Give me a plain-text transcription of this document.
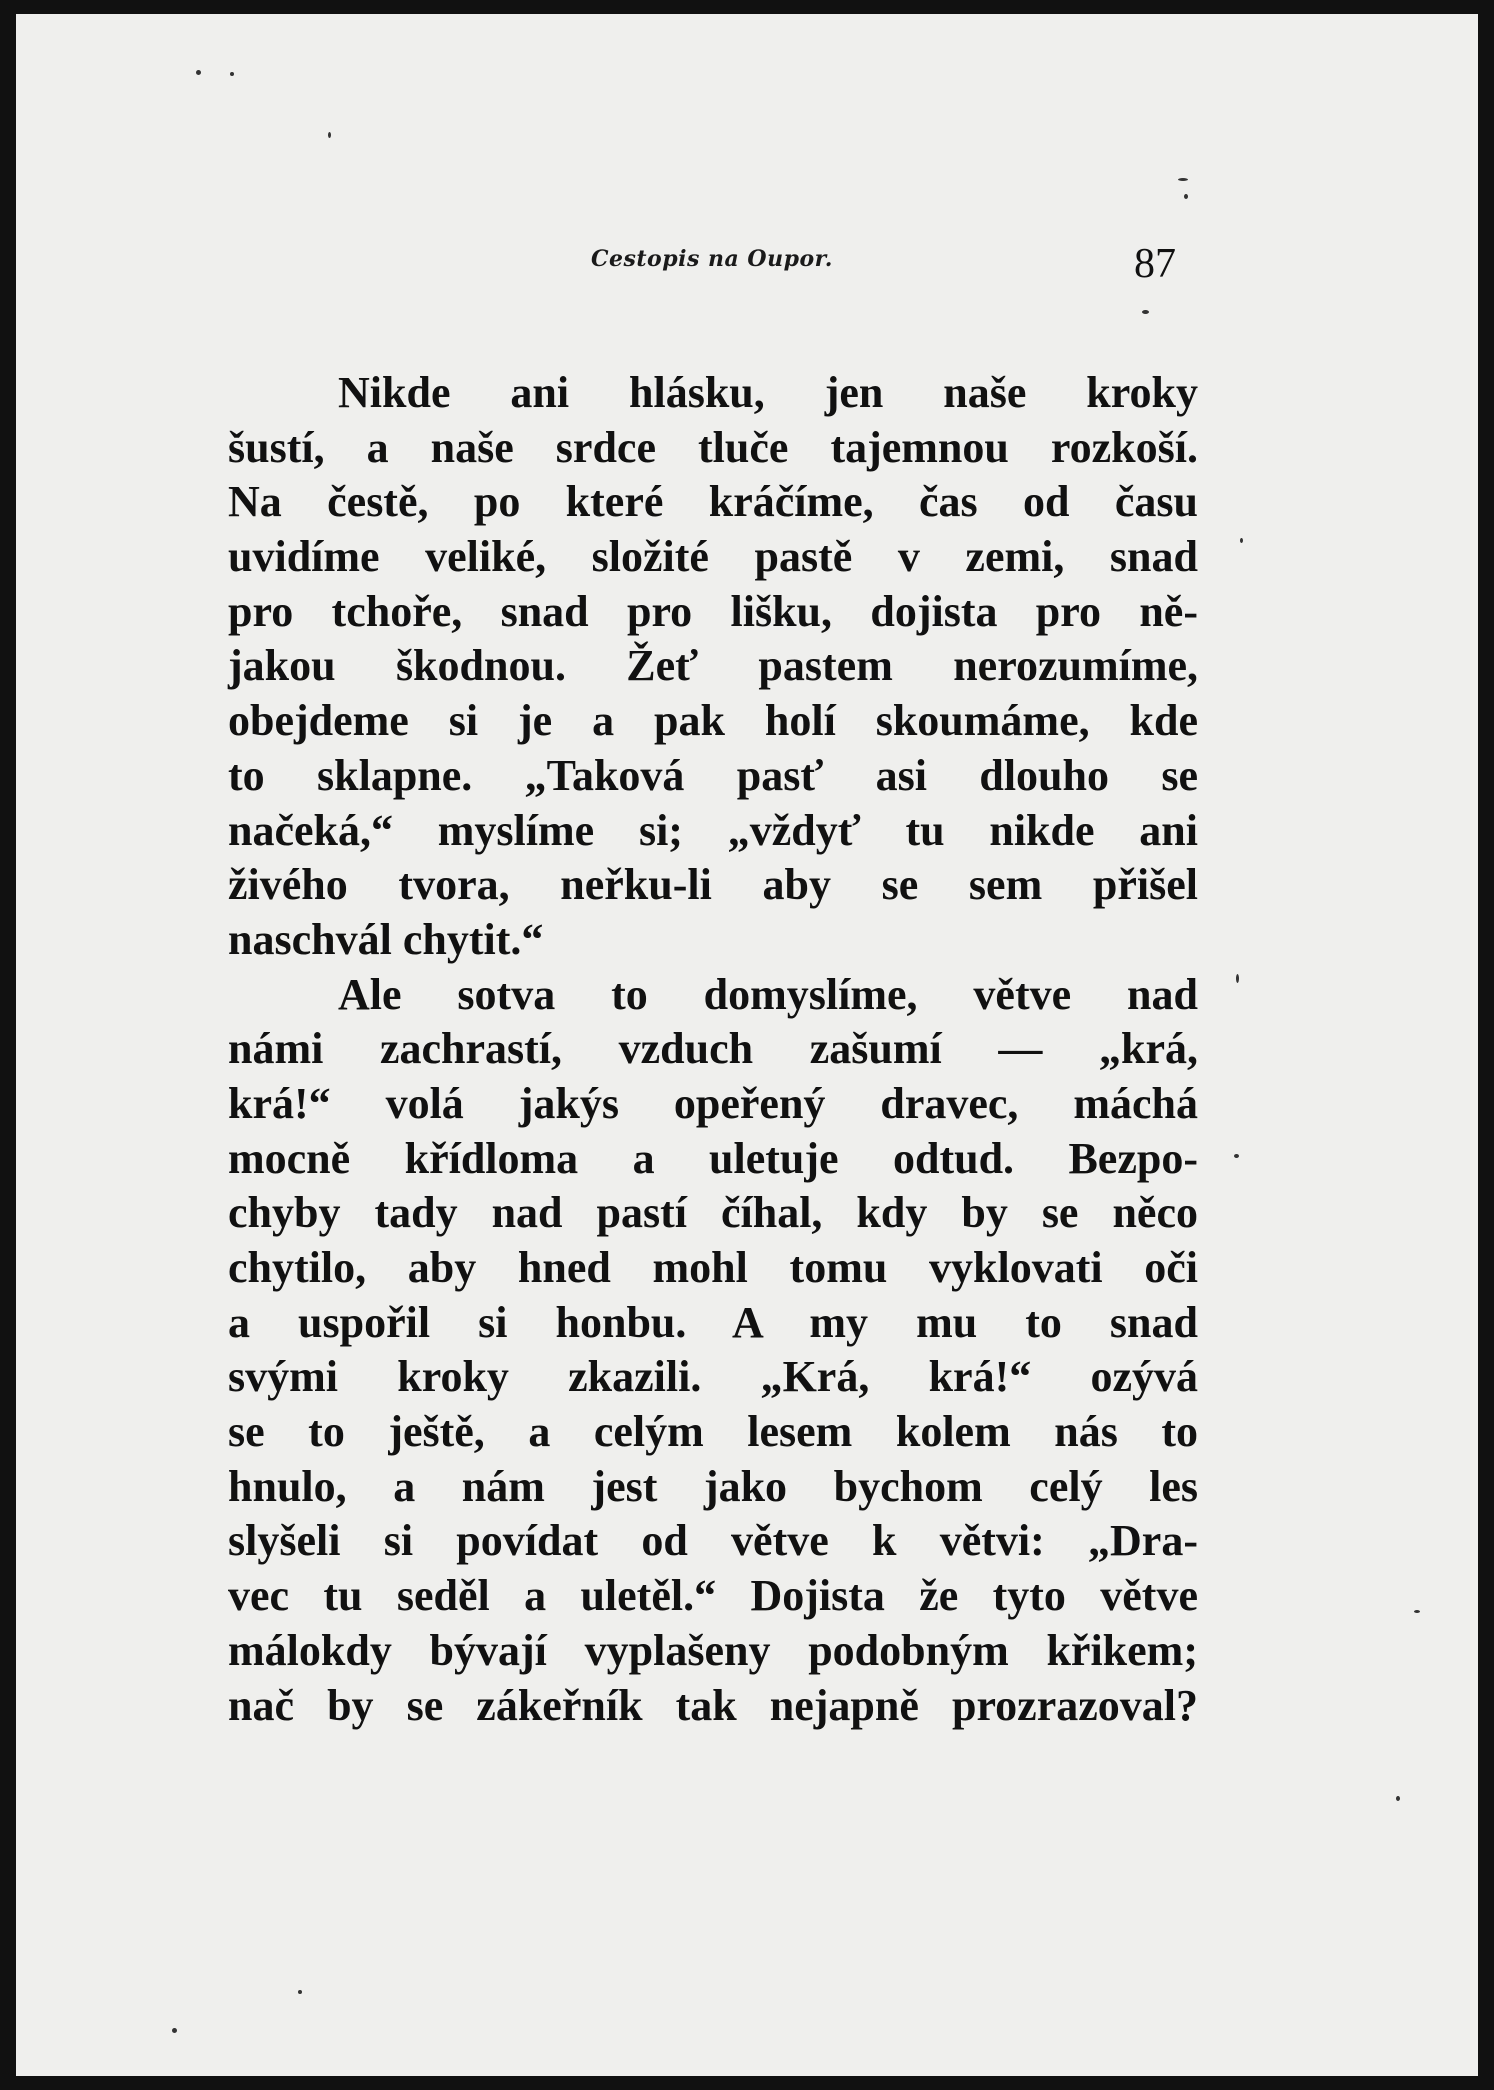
Cestopis na Oupor.	87
Nikde ani hlásku, jen naše kroky
šustí, a naše srdce tluče tajemnou rozkoší.
Na čestě, po které kráčíme, čas od času
uvidíme veliké, složité pastě v zemi, snad
pro tchoře, snad pro lišku, dojista pro ně-
jakou škodnou. Žeť pastem nerozumíme,
obejdeme si je a pak holí skoumáme, kde
to sklapne. „Taková pasť asi dlouho se
načeká,“ myslíme si; „vždyť tu nikde ani
živého tvora, neřku-li aby se sem přišel
naschvál chytit.“
Ale sotva to domyslíme, větve nad
námi zachrastí, vzduch zašumí — „krá,
krá!“ volá jakýs opeřený dravec, máchá
mocně křídloma a uletuje odtud. Bezpo-
chyby tady nad pastí číhal, kdy by se něco
chytilo, aby hned mohl tomu vyklovati oči
a uspořil si honbu. A my mu to snad
svými kroky zkazili. „Krá, krá!“ ozývá
se to ještě, a celým lesem kolem nás to
hnulo, a nám jest jako bychom celý les
slyšeli si povídat od větve k větvi: „Dra-
vec tu seděl a uletěl.“ Dojista že tyto větve
málokdy bývají vyplašeny podobným křikem;
nač by se zákeřník tak nejapně prozrazoval?
